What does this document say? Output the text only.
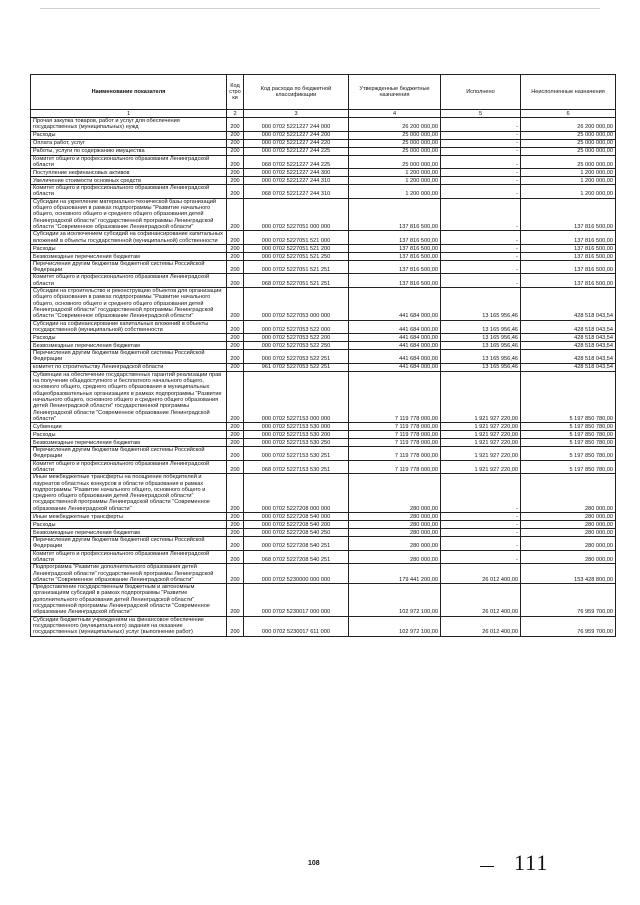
Наименование показателя	Код стро ки	Код расхода по бюджетной классификации	Утвержденные бюджетные назначения	Исполнено	Неисполненные назначения
1	2	3	4	5	6
Прочая закупка товаров, работ и услуг для обеспечения государственных (муниципальных) нужд	200	000 0702 5221227 244 000	26 200 000,00	-	26 200 000,00
Расходы	200	000 0702 5221227 244 200	25 000 000,00	-	25 000 000,00
Оплата работ, услуг	200	000 0702 5221227 244 220	25 000 000,00	-	25 000 000,00
Работы, услуги по содержанию имущества	200	000 0702 5221227 244 225	25 000 000,00	-	25 000 000,00
Комитет общего и профессионального образования Ленинградской области	200	068 0702 5221227 244 225	25 000 000,00	-	25 000 000,00
Поступление нефинансовых активов	200	000 0702 5221227 244 300	1 200 000,00	-	1 200 000,00
Увеличение стоимости основных средств	200	000 0702 5221227 244 310	1 200 000,00	-	1 200 000,00
Комитет общего и профессионального образования Ленинградской области	200	068 0702 5221227 244 310	1 200 000,00	-	1 200 000,00
Субсидии на укрепление материально-технической базы организаций общего образования в рамках подпрограммы "Развитие начального общего, основного общего и среднего общего образования детей Ленинградской области" государственной программы Ленинградской области "Современное образование Ленинградской области"	200	000 0702 5227051 000 000	137 816 500,00	-	137 816 500,00
Субсидии за исключением субсидий на софинансирование капитальных вложений в объекты государственной (муниципальной) собственности	200	000 0702 5227051 521 000	137 816 500,00	-	137 816 500,00
Расходы	200	000 0702 5227051 521 200	137 816 500,00	-	137 816 500,00
Безвозмездные перечисления бюджетам	200	000 0702 5227051 521 250	137 816 500,00	-	137 816 500,00
Перечисления другим бюджетам бюджетной системы Российской Федерации	200	000 0702 5227051 521 251	137 816 500,00	-	137 816 500,00
Комитет общего и профессионального образования Ленинградской области	200	068 0702 5227051 521 251	137 816 500,00	-	137 816 500,00
Субсидии на строительство и реконструкцию объектов для организации общего образования в рамках подпрограммы "Развитие начального общего, основного общего и среднего общего образования детей Ленинградской области" государственной программы Ленинградской области "Современное образование Ленинградской области"	200	000 0702 5227053 000 000	441 684 000,00	13 165 956,46	428 518 043,54
Субсидии на софинансирование капитальных вложений в объекты государственной (муниципальной) собственности	200	000 0702 5227053 522 000	441 684 000,00	13 165 956,46	428 518 043,54
Расходы	200	000 0702 5227053 522 200	441 684 000,00	13 165 956,46	428 518 043,54
Безвозмездные перечисления бюджетам	200	000 0702 5227053 522 250	441 684 000,00	13 165 956,46	428 518 043,54
Перечисления другим бюджетам бюджетной системы Российской Федерации	200	000 0702 5227053 522 251	441 684 000,00	13 165 956,46	428 518 043,54
комитет по строительству Ленинградской области	200	961 0702 5227053 522 251	441 684 000,00	13 165 956,46	428 518 043,54
Субвенции на обеспечение государственных гарантий реализации прав на получение общедоступного и бесплатного начального общего, основного общего, среднего общего образования в муниципальных общеобразовательных организациях в рамках подпрограммы "Развитие начального общего, основного общего и среднего общего образования детей Ленинградской области" государственной программы Ленинградской области "Современное образование Ленинградской области"	200	000 0702 5227153 000 000	7 119 778 000,00	1 921 927 220,00	5 197 850 780,00
Субвенции	200	000 0702 5227153 530 000	7 119 778 000,00	1 921 927 220,00	5 197 850 780,00
Расходы	200	000 0702 5227153 530 200	7 119 778 000,00	1 921 927 220,00	5 197 850 780,00
Безвозмездные перечисления бюджетам	200	000 0702 5227153 530 250	7 119 778 000,00	1 921 927 220,00	5 197 850 780,00
Перечисления другим бюджетам бюджетной системы Российской Федерации	200	000 0702 5227153 530 251	7 119 778 000,00	1 921 927 220,00	5 197 850 780,00
Комитет общего и профессионального образования Ленинградской области	200	068 0702 5227153 530 251	7 119 778 000,00	1 921 927 220,00	5 197 850 780,00
Иные межбюджетные трансферты на поощрение победителей и лауреатов областных конкурсов в области образования в рамках подпрограммы "Развитие начального общего, основного общего и среднего общего образования детей Ленинградской области" государственной программы Ленинградской области "Современное образование Ленинградской области"	200	000 0702 5227208 000 000	280 000,00	-	280 000,00
Иные межбюджетные трансферты	200	000 0702 5227208 540 000	280 000,00	-	280 000,00
Расходы	200	000 0702 5227208 540 200	280 000,00	-	280 000,00
Безвозмездные перечисления бюджетам	200	000 0702 5227208 540 250	280 000,00	-	280 000,00
Перечисления другим бюджетам бюджетной системы Российской Федерации	200	000 0702 5227208 540 251	280 000,00	-	280 000,00
Комитет общего и профессионального образования Ленинградской области	200	068 0702 5227208 540 251	280 000,00	-	280 000,00
Подпрограмма "Развитие дополнительного образования детей Ленинградской области" государственной программы Ленинградской области "Современное образование Ленинградской области"	200	000 0702 5230000 000 000	179 441 200,00	26 012 400,00	153 428 800,00
Предоставление государственным бюджетным и автономным организациям субсидий в рамках подпрограммы "Развитие дополнительного образования детей Ленинградской области" государственной программы Ленинградской области "Современное образование Ленинградской области"	200	000 0702 5230017 000 000	102 972 100,00	26 012 400,00	76 959 700,00
Субсидии бюджетным учреждениям на финансовое обеспечение государственного (муниципального) задания на оказание государственных (муниципальных) услуг (выполнение работ)	200	000 0702 5230017 611 000	102 972 100,00	26 012 400,00	76 959 700,00
108	111
